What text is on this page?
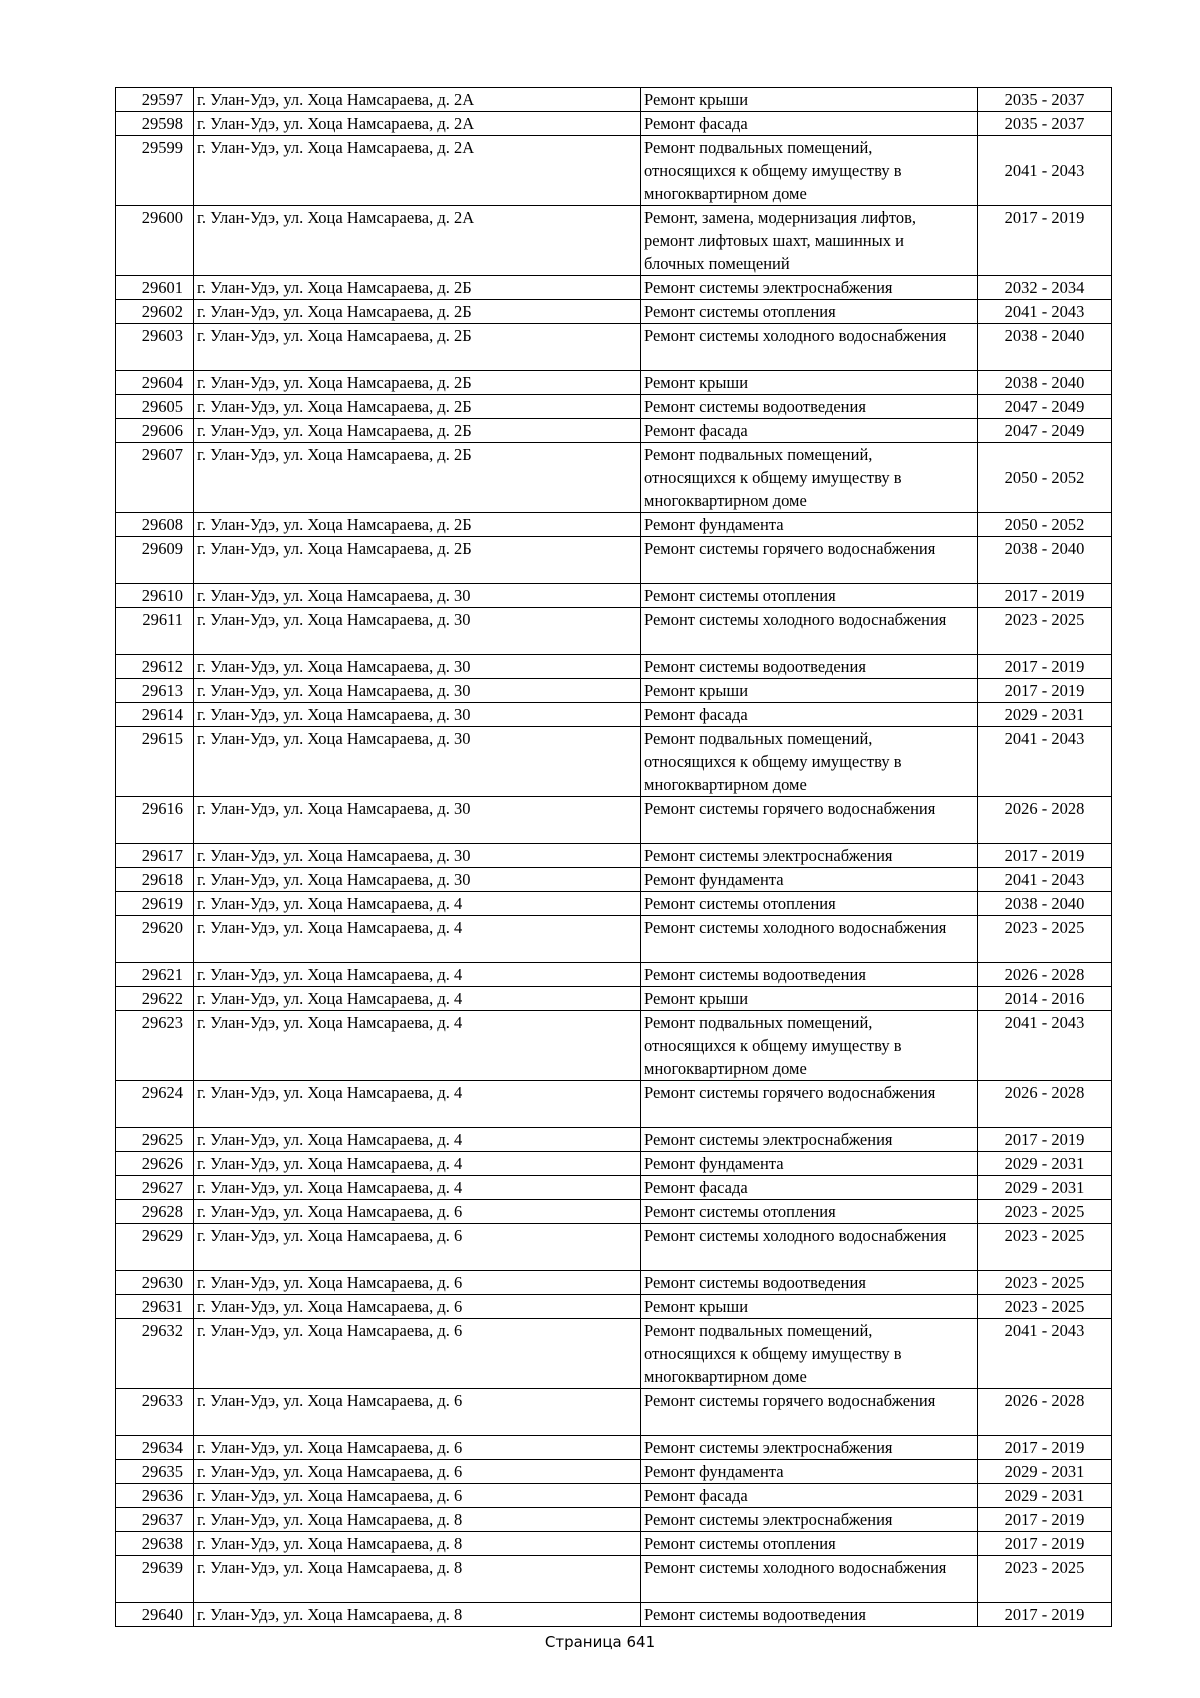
29597	г. Улан-Удэ, ул. Хоца Намсараева, д. 2А	Ремонт крыши	2035 - 2037
29598	г. Улан-Удэ, ул. Хоца Намсараева, д. 2А	Ремонт фасада	2035 - 2037
29599	г. Улан-Удэ, ул. Хоца Намсараева, д. 2А	Ремонт подвальных помещений,
относящихся к общему имуществу в
многоквартирном доме	2041 - 2043
29600	г. Улан-Удэ, ул. Хоца Намсараева, д. 2А	Ремонт, замена, модернизация лифтов,
ремонт лифтовых шахт, машинных и
блочных помещений	2017 - 2019
29601	г. Улан-Удэ, ул. Хоца Намсараева, д. 2Б	Ремонт системы электроснабжения	2032 - 2034
29602	г. Улан-Удэ, ул. Хоца Намсараева, д. 2Б	Ремонт системы отопления	2041 - 2043
29603	г. Улан-Удэ, ул. Хоца Намсараева, д. 2Б	Ремонт системы холодного водоснабжения	2038 - 2040
29604	г. Улан-Удэ, ул. Хоца Намсараева, д. 2Б	Ремонт крыши	2038 - 2040
29605	г. Улан-Удэ, ул. Хоца Намсараева, д. 2Б	Ремонт системы водоотведения	2047 - 2049
29606	г. Улан-Удэ, ул. Хоца Намсараева, д. 2Б	Ремонт фасада	2047 - 2049
29607	г. Улан-Удэ, ул. Хоца Намсараева, д. 2Б	Ремонт подвальных помещений,
относящихся к общему имуществу в
многоквартирном доме	2050 - 2052
29608	г. Улан-Удэ, ул. Хоца Намсараева, д. 2Б	Ремонт фундамента	2050 - 2052
29609	г. Улан-Удэ, ул. Хоца Намсараева, д. 2Б	Ремонт системы горячего водоснабжения	2038 - 2040
29610	г. Улан-Удэ, ул. Хоца Намсараева, д. 30	Ремонт системы отопления	2017 - 2019
29611	г. Улан-Удэ, ул. Хоца Намсараева, д. 30	Ремонт системы холодного водоснабжения	2023 - 2025
29612	г. Улан-Удэ, ул. Хоца Намсараева, д. 30	Ремонт системы водоотведения	2017 - 2019
29613	г. Улан-Удэ, ул. Хоца Намсараева, д. 30	Ремонт крыши	2017 - 2019
29614	г. Улан-Удэ, ул. Хоца Намсараева, д. 30	Ремонт фасада	2029 - 2031
29615	г. Улан-Удэ, ул. Хоца Намсараева, д. 30	Ремонт подвальных помещений,
относящихся к общему имуществу в
многоквартирном доме	2041 - 2043
29616	г. Улан-Удэ, ул. Хоца Намсараева, д. 30	Ремонт системы горячего водоснабжения	2026 - 2028
29617	г. Улан-Удэ, ул. Хоца Намсараева, д. 30	Ремонт системы электроснабжения	2017 - 2019
29618	г. Улан-Удэ, ул. Хоца Намсараева, д. 30	Ремонт фундамента	2041 - 2043
29619	г. Улан-Удэ, ул. Хоца Намсараева, д. 4	Ремонт системы отопления	2038 - 2040
29620	г. Улан-Удэ, ул. Хоца Намсараева, д. 4	Ремонт системы холодного водоснабжения	2023 - 2025
29621	г. Улан-Удэ, ул. Хоца Намсараева, д. 4	Ремонт системы водоотведения	2026 - 2028
29622	г. Улан-Удэ, ул. Хоца Намсараева, д. 4	Ремонт крыши	2014 - 2016
29623	г. Улан-Удэ, ул. Хоца Намсараева, д. 4	Ремонт подвальных помещений,
относящихся к общему имуществу в
многоквартирном доме	2041 - 2043
29624	г. Улан-Удэ, ул. Хоца Намсараева, д. 4	Ремонт системы горячего водоснабжения	2026 - 2028
29625	г. Улан-Удэ, ул. Хоца Намсараева, д. 4	Ремонт системы электроснабжения	2017 - 2019
29626	г. Улан-Удэ, ул. Хоца Намсараева, д. 4	Ремонт фундамента	2029 - 2031
29627	г. Улан-Удэ, ул. Хоца Намсараева, д. 4	Ремонт фасада	2029 - 2031
29628	г. Улан-Удэ, ул. Хоца Намсараева, д. 6	Ремонт системы отопления	2023 - 2025
29629	г. Улан-Удэ, ул. Хоца Намсараева, д. 6	Ремонт системы холодного водоснабжения	2023 - 2025
29630	г. Улан-Удэ, ул. Хоца Намсараева, д. 6	Ремонт системы водоотведения	2023 - 2025
29631	г. Улан-Удэ, ул. Хоца Намсараева, д. 6	Ремонт крыши	2023 - 2025
29632	г. Улан-Удэ, ул. Хоца Намсараева, д. 6	Ремонт подвальных помещений,
относящихся к общему имуществу в
многоквартирном доме	2041 - 2043
29633	г. Улан-Удэ, ул. Хоца Намсараева, д. 6	Ремонт системы горячего водоснабжения	2026 - 2028
29634	г. Улан-Удэ, ул. Хоца Намсараева, д. 6	Ремонт системы электроснабжения	2017 - 2019
29635	г. Улан-Удэ, ул. Хоца Намсараева, д. 6	Ремонт фундамента	2029 - 2031
29636	г. Улан-Удэ, ул. Хоца Намсараева, д. 6	Ремонт фасада	2029 - 2031
29637	г. Улан-Удэ, ул. Хоца Намсараева, д. 8	Ремонт системы электроснабжения	2017 - 2019
29638	г. Улан-Удэ, ул. Хоца Намсараева, д. 8	Ремонт системы отопления	2017 - 2019
29639	г. Улан-Удэ, ул. Хоца Намсараева, д. 8	Ремонт системы холодного водоснабжения	2023 - 2025
29640	г. Улан-Удэ, ул. Хоца Намсараева, д. 8	Ремонт системы водоотведения	2017 - 2019
Страница 641
